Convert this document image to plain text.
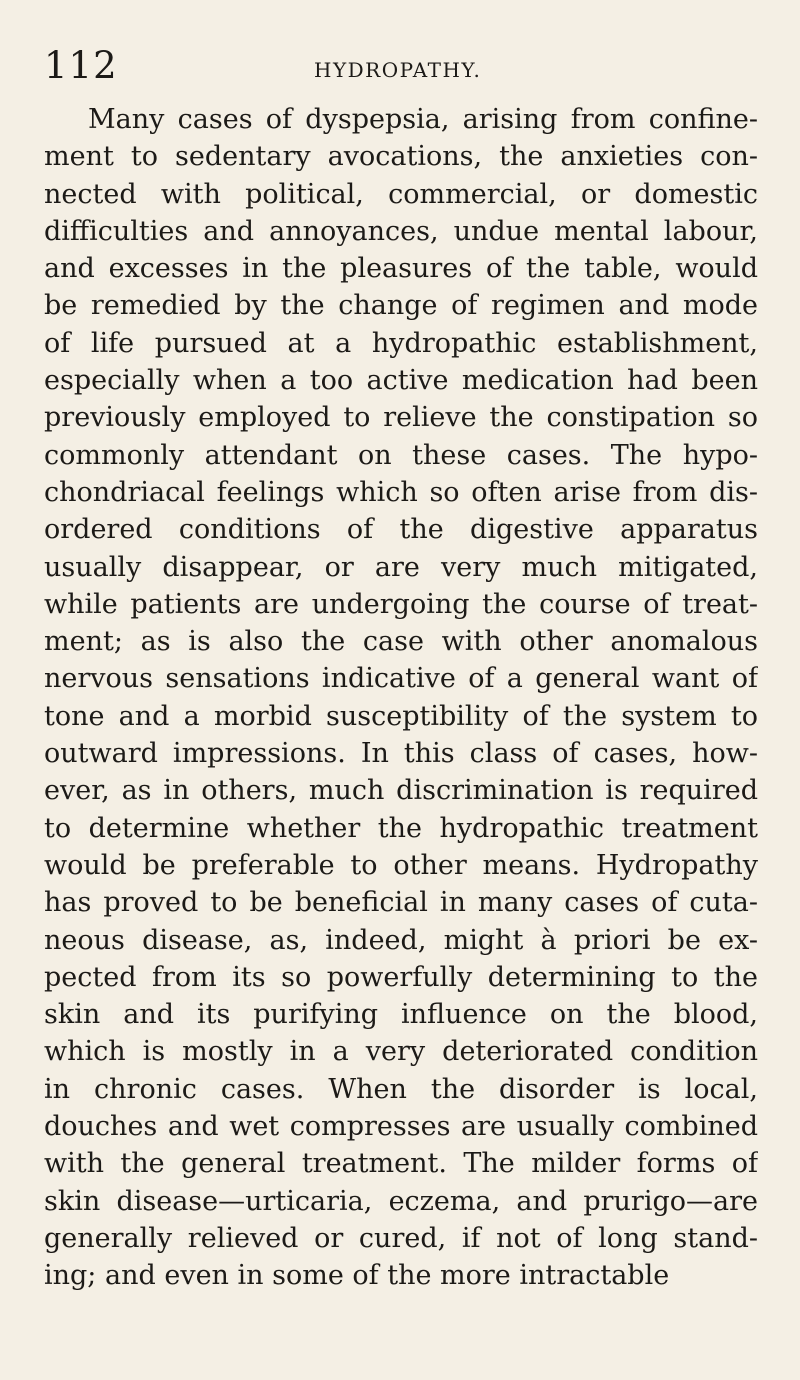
112	HYDROPATHY.
Many cases of dyspepsia, arising from confine-
ment to sedentary avocations, the anxieties con-
nected with political, commercial, or domestic
difficulties and annoyances, undue mental labour,
and excesses in the pleasures of the table, would
be remedied by the change of regimen and mode
of life pursued at a hydropathic establishment,
especially when a too active medication had been
previously employed to relieve the constipation so
commonly attendant on these cases. The hypo-
chondriacal feelings which so often arise from dis-
ordered conditions of the digestive apparatus
usually disappear, or are very much mitigated,
while patients are undergoing the course of treat-
ment; as is also the case with other anomalous
nervous sensations indicative of a general want of
tone and a morbid susceptibility of the system to
outward impressions. In this class of cases, how-
ever, as in others, much discrimination is required
to determine whether the hydropathic treatment
would be preferable to other means. Hydropathy
has proved to be beneficial in many cases of cuta-
neous disease, as, indeed, might à priori be ex-
pected from its so powerfully determining to the
skin and its purifying influence on the blood,
which is mostly in a very deteriorated condition
in chronic cases. When the disorder is local,
douches and wet compresses are usually combined
with the general treatment. The milder forms of
skin disease—urticaria, eczema, and prurigo—are
generally relieved or cured, if not of long stand-
ing; and even in some of the more intractable
